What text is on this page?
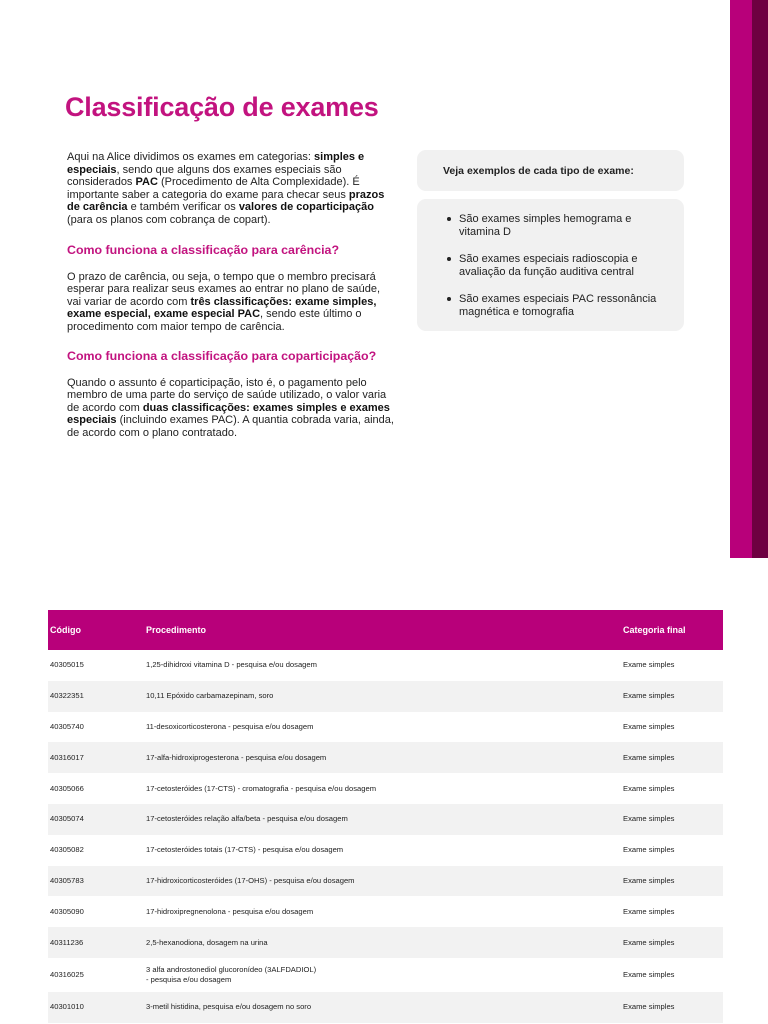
Classificação de exames

Aqui na Alice dividimos os exames em categorias: simples e especiais, sendo que alguns dos exames especiais são considerados PAC (Procedimento de Alta Complexidade). É importante saber a categoria do exame para checar seus prazos de carência e também verificar os valores de coparticipação (para os planos com cobrança de copart).

Como funciona a classificação para carência?

O prazo de carência, ou seja, o tempo que o membro precisará esperar para realizar seus exames ao entrar no plano de saúde, vai variar de acordo com três classificações: exame simples, exame especial, exame especial PAC, sendo este último o procedimento com maior tempo de carência.

Como funciona a classificação para coparticipação?

Quando o assunto é coparticipação, isto é, o pagamento pelo membro de uma parte do serviço de saúde utilizado, o valor varia de acordo com duas classificações: exames simples e exames especiais (incluindo exames PAC). A quantia cobrada varia, ainda, de acordo com o plano contratado.

Veja exemplos de cada tipo de exame:
São exames simples hemograma e vitamina D
São exames especiais radioscopia e avaliação da função auditiva central
São exames especiais PAC ressonância magnética e tomografia
Código	Procedimento	Categoria final
40305015	1,25-dihidroxi vitamina D - pesquisa e/ou dosagem	Exame simples
40322351	10,11 Epóxido carbamazepinam, soro	Exame simples
40305740	11-desoxicorticosterona - pesquisa e/ou dosagem	Exame simples
40316017	17-alfa-hidroxiprogesterona - pesquisa e/ou dosagem	Exame simples
40305066	17-cetosteróides (17-CTS) - cromatografia - pesquisa e/ou dosagem	Exame simples
40305074	17-cetosteróides relação alfa/beta - pesquisa e/ou dosagem	Exame simples
40305082	17-cetosteróides totais (17-CTS) - pesquisa e/ou dosagem	Exame simples
40305783	17-hidroxicorticosteróides (17-OHS) - pesquisa e/ou dosagem	Exame simples
40305090	17-hidroxipregnenolona - pesquisa e/ou dosagem	Exame simples
40311236	2,5-hexanodiona, dosagem na urina	Exame simples
40316025	3 alfa androstonediol glucoronídeo (3ALFDADIOL)
- pesquisa e/ou dosagem	Exame simples
40301010	3-metil histidina, pesquisa e/ou dosagem no soro	Exame simples
